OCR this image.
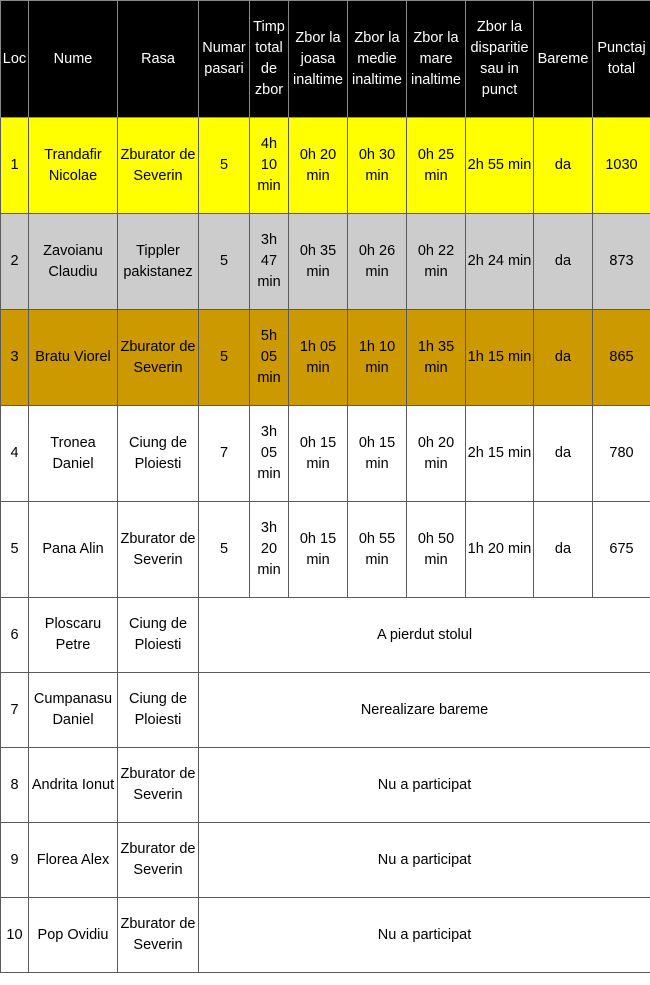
Loc	Nume	Rasa	Numar pasari	Timp total de zbor	Zbor la joasa inaltime	Zbor la medie inaltime	Zbor la mare inaltime	Zbor la disparitie sau in punct	Bareme	Punctaj total
1	Trandafir Nicolae	Zburator de Severin	5	4h 10 min	0h 20 min	0h 30 min	0h 25 min	2h 55 min	da	1030
2	Zavoianu Claudiu	Tippler pakistanez	5	3h 47 min	0h 35 min	0h 26 min	0h 22 min	2h 24 min	da	873
3	Bratu Viorel	Zburator de Severin	5	5h 05 min	1h 05 min	1h 10 min	1h 35 min	1h 15 min	da	865
4	Tronea Daniel	Ciung de Ploiesti	7	3h 05 min	0h 15 min	0h 15 min	0h 20 min	2h 15 min	da	780
5	Pana Alin	Zburator de Severin	5	3h 20 min	0h 15 min	0h 55 min	0h 50 min	1h 20 min	da	675
6	Ploscaru Petre	Ciung de Ploiesti	A pierdut stolul							
7	Cumpanasu Daniel	Ciung de Ploiesti	Nerealizare bareme							
8	Andrita Ionut	Zburator de Severin	Nu a participat							
9	Florea Alex	Zburator de Severin	Nu a participat							
10	Pop Ovidiu	Zburator de Severin	Nu a participat							
